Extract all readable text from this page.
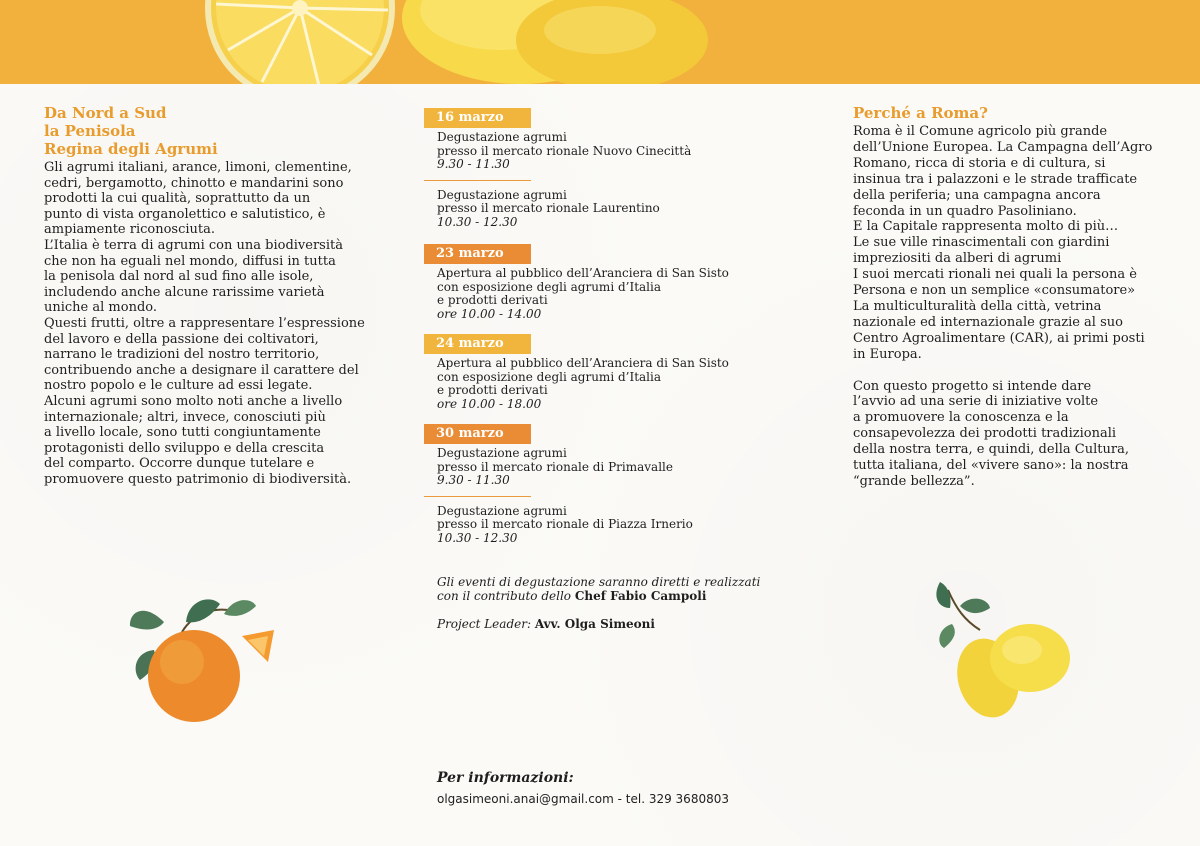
Da Nord a Sud
la Penisola
Regina degli Agrumi

Gli agrumi italiani, arance, limoni, clementine,
cedri, bergamotto, chinotto e mandarini sono
prodotti la cui qualità, soprattutto da un
punto di vista organolettico e salutistico, è
ampiamente riconosciuta.
L’Italia è terra di agrumi con una biodiversità
che non ha eguali nel mondo, diffusi in tutta
la penisola dal nord al sud fino alle isole,
includendo anche alcune rarissime varietà
uniche al mondo.
Questi frutti, oltre a rappresentare l’espressione
del lavoro e della passione dei coltivatori,
narrano le tradizioni del nostro territorio,
contribuendo anche a designare il carattere del
nostro popolo e le culture ad essi legate.
Alcuni agrumi sono molto noti anche a livello
internazionale; altri, invece, conosciuti più
a livello locale, sono tutti congiuntamente
protagonisti dello sviluppo e della crescita
del comparto. Occorre dunque tutelare e
promuovere questo patrimonio di biodiversità.

16 marzo
Degustazione agrumi
presso il mercato rionale Nuovo Cinecittà
9.30 - 11.30
Degustazione agrumi
presso il mercato rionale Laurentino
10.30 - 12.30
23 marzo
Apertura al pubblico dell’Aranciera di San Sisto
con esposizione degli agrumi d’Italia
e prodotti derivati
ore 10.00 - 14.00
24 marzo
Apertura al pubblico dell’Aranciera di San Sisto
con esposizione degli agrumi d’Italia
e prodotti derivati
ore 10.00 - 18.00
30 marzo
Degustazione agrumi
presso il mercato rionale di Primavalle
9.30 - 11.30
Degustazione agrumi
presso il mercato rionale di Piazza Irnerio
10.30 - 12.30
Gli eventi di degustazione saranno diretti e realizzati
con il contributo dello Chef Fabio Campoli
Project Leader: Avv. Olga Simeoni

Per informazioni:

olgasimeoni.anai@gmail.com - tel. 329 3680803
Perché a Roma?

Roma è il Comune agricolo più grande
dell’Unione Europea. La Campagna dell’Agro
Romano, ricca di storia e di cultura, si
insinua tra i palazzoni e le strade trafficate
della periferia; una campagna ancora
feconda in un quadro Pasoliniano.
E la Capitale rappresenta molto di più…
Le sue ville rinascimentali con giardini
impreziositi da alberi di agrumi
I suoi mercati rionali nei quali la persona è
Persona e non un semplice «consumatore»
La multiculturalità della città, vetrina
nazionale ed internazionale grazie al suo
Centro Agroalimentare (CAR), ai primi posti
in Europa.

Con questo progetto si intende dare
l’avvio ad una serie di iniziative volte
a promuovere la conoscenza e la
consapevolezza dei prodotti tradizionali
della nostra terra, e quindi, della Cultura,
tutta italiana, del «vivere sano»: la nostra
“grande bellezza”.
